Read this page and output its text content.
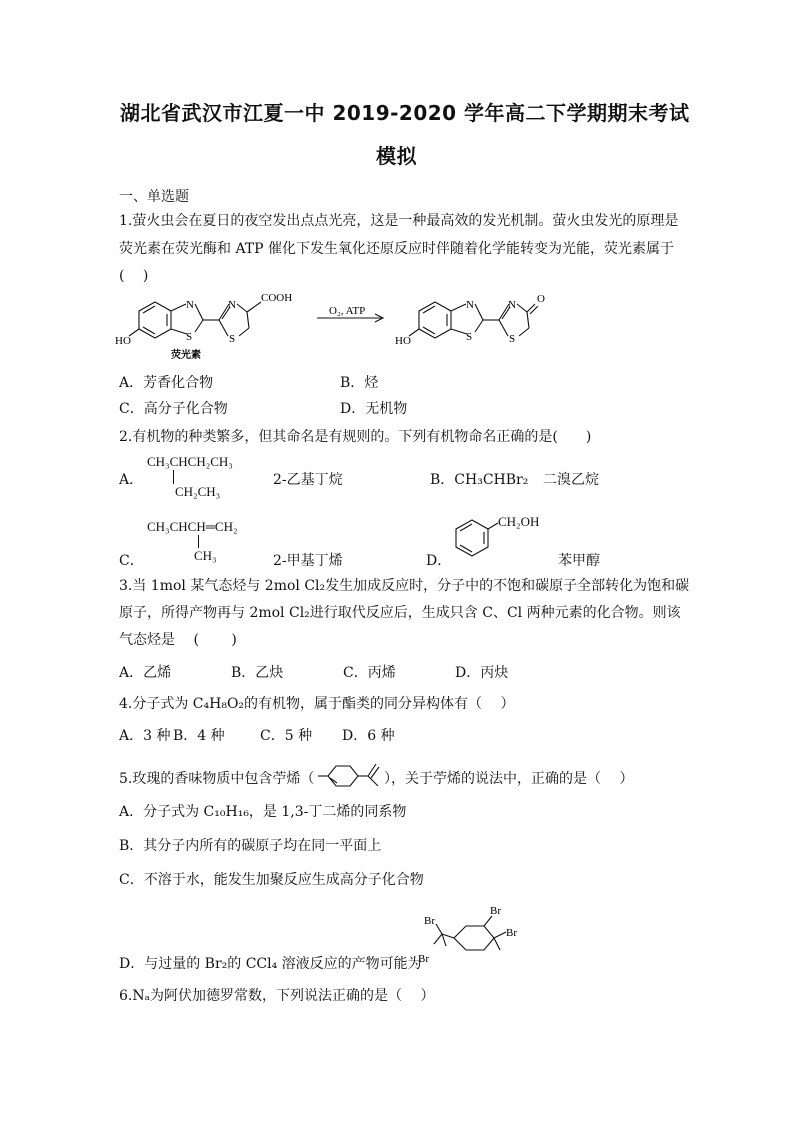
湖北省武汉市江夏一中 2019-2020 学年高二下学期期末考试
模拟
一、单选题
1.萤火虫会在夏日的夜空发出点点光亮，这是一种最高效的发光机制。萤火虫发光的原理是
荧光素在荧光酶和 ATP 催化下发生氧化还原反应时伴随着化学能转变为光能，荧光素属于
(　 )
N
S
N
S
COOH
HO
荧光素
O₂, ATP	N
S
N
S
O
HO
A．芳香化合物	B．烃
C．高分子化合物	D．无机物
2.有机物的种类繁多，但其命名是有规则的。下列有机物命名正确的是(　　)
A．
CH₃CHCH₂CH₃
CH₂CH₃
2-乙基丁烷	B．CH₃CHBr₂ 二溴乙烷
C．
CH₃CHCH═CH₂
CH₃	2-甲基丁烯	D．
CH₂OH
苯甲醇
3.当 1mol 某气态烃与 2mol Cl₂发生加成反应时，分子中的不饱和碳原子全部转化为饱和碳
原子，所得产物再与 2mol Cl₂进行取代反应后，生成只含 C、Cl 两种元素的化合物。则该
气态烃是　 (　　 )
A．乙烯	B．乙炔	C．丙烯	D．丙炔
4.分子式为 C₄H₈O₂的有机物，属于酯类的同分异构体有（　 ）
A．3 种 B．4 种	C．5 种 D．6 种
5.玫瑰的香味物质中包含苧烯（	），关于苧烯的说法中，正确的是（　 ）
A．分子式为 C₁₀H₁₆，是 1,3-丁二烯的同系物
B．其分子内所有的碳原子均在同一平面上
C．不溶于水，能发生加聚反应生成高分子化合物
D．与过量的 Br₂的 CCl₄ 溶液反应的产物可能为
Br
Br
Br
Br
6.Nₐ为阿伏加德罗常数，下列说法正确的是（　 ）
